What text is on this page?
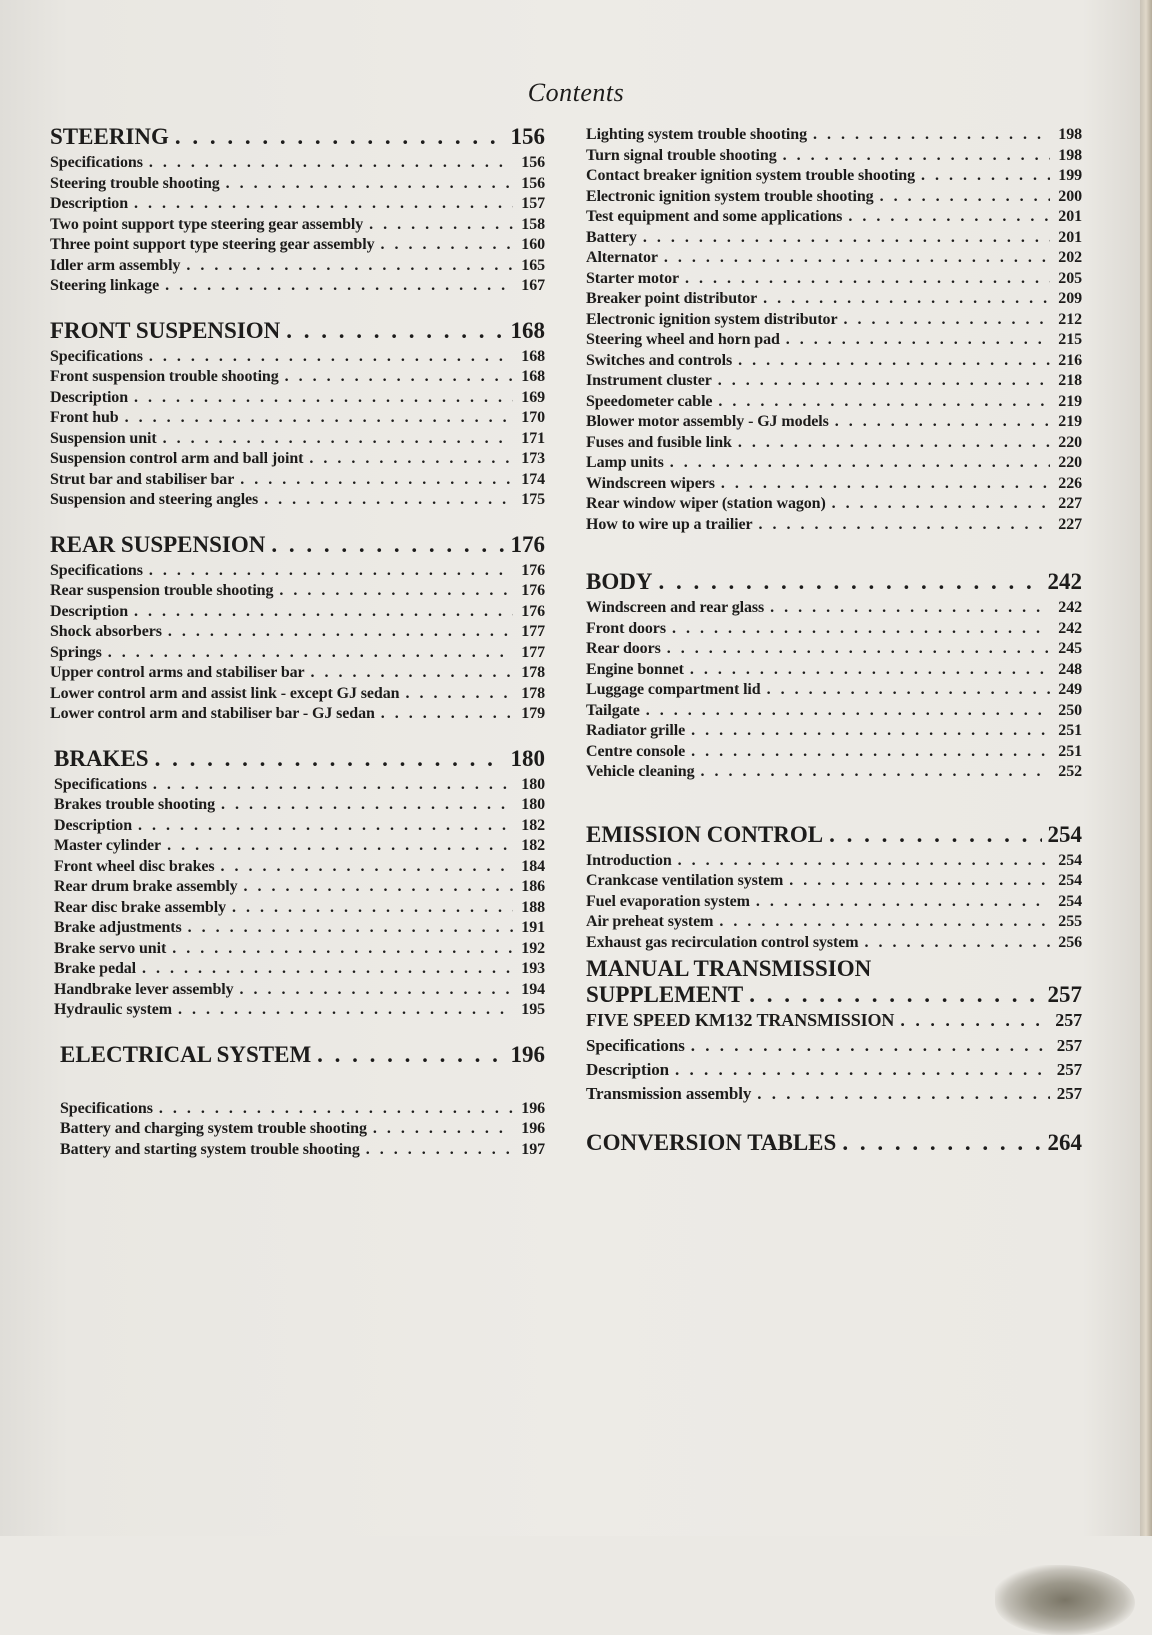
Contents
STEERING . . .	156
Specifications . . .	156
Steering trouble shooting . . .	156
Description . . .	157
Two point support type steering gear assembly . . .	158
Three point support type steering gear assembly . . .	160
Idler arm assembly . . .	165
Steering linkage . . .	167
FRONT SUSPENSION . . .	168
Specifications . . .	168
Front suspension trouble shooting . . .	168
Description . . .	169
Front hub . . .	170
Suspension unit . . .	171
Suspension control arm and ball joint . . .	173
Strut bar and stabiliser bar . . .	174
Suspension and steering angles . . .	175
REAR SUSPENSION . . .	176
Specifications . . .	176
Rear suspension trouble shooting . . .	176
Description . . .	176
Shock absorbers . . .	177
Springs . . .	177
Upper control arms and stabiliser bar . . .	178
Lower control arm and assist link - except GJ sedan . . .	178
Lower control arm and stabiliser bar - GJ sedan . . .	179
BRAKES . . .	180
Specifications . . .	180
Brakes trouble shooting . . .	180
Description . . .	182
Master cylinder . . .	182
Front wheel disc brakes . . .	184
Rear drum brake assembly . . .	186
Rear disc brake assembly . . .	188
Brake adjustments . . .	191
Brake servo unit . . .	192
Brake pedal . . .	193
Handbrake lever assembly . . .	194
Hydraulic system . . .	195
ELECTRICAL SYSTEM . . .	196
Specifications . . .	196
Battery and charging system trouble shooting . . .	196
Battery and starting system trouble shooting . . .	197
Lighting system trouble shooting . . .	198
Turn signal trouble shooting . . .	198
Contact breaker ignition system trouble shooting . . .	199
Electronic ignition system trouble shooting . . .	200
Test equipment and some applications . . .	201
Battery . . .	201
Alternator . . .	202
Starter motor . . .	205
Breaker point distributor . . .	209
Electronic ignition system distributor . . .	212
Steering wheel and horn pad . . .	215
Switches and controls . . .	216
Instrument cluster . . .	218
Speedometer cable . . .	219
Blower motor assembly - GJ models . . .	219
Fuses and fusible link . . .	220
Lamp units . . .	220
Windscreen wipers . . .	226
Rear window wiper (station wagon) . . .	227
How to wire up a trailier . . .	227
BODY . . .	242
Windscreen and rear glass . . .	242
Front doors . . .	242
Rear doors . . .	245
Engine bonnet . . .	248
Luggage compartment lid . . .	249
Tailgate . . .	250
Radiator grille . . .	251
Centre console . . .	251
Vehicle cleaning . . .	252
EMISSION CONTROL . . .	254
Introduction . . .	254
Crankcase ventilation system . . .	254
Fuel evaporation system . . .	254
Air preheat system . . .	255
Exhaust gas recirculation control system . . .	256
MANUAL TRANSMISSION
SUPPLEMENT . . .	257
FIVE SPEED KM132 TRANSMISSION . . .	257
Specifications . . .	257
Description . . .	257
Transmission assembly . . .	257
CONVERSION TABLES . . .	264
